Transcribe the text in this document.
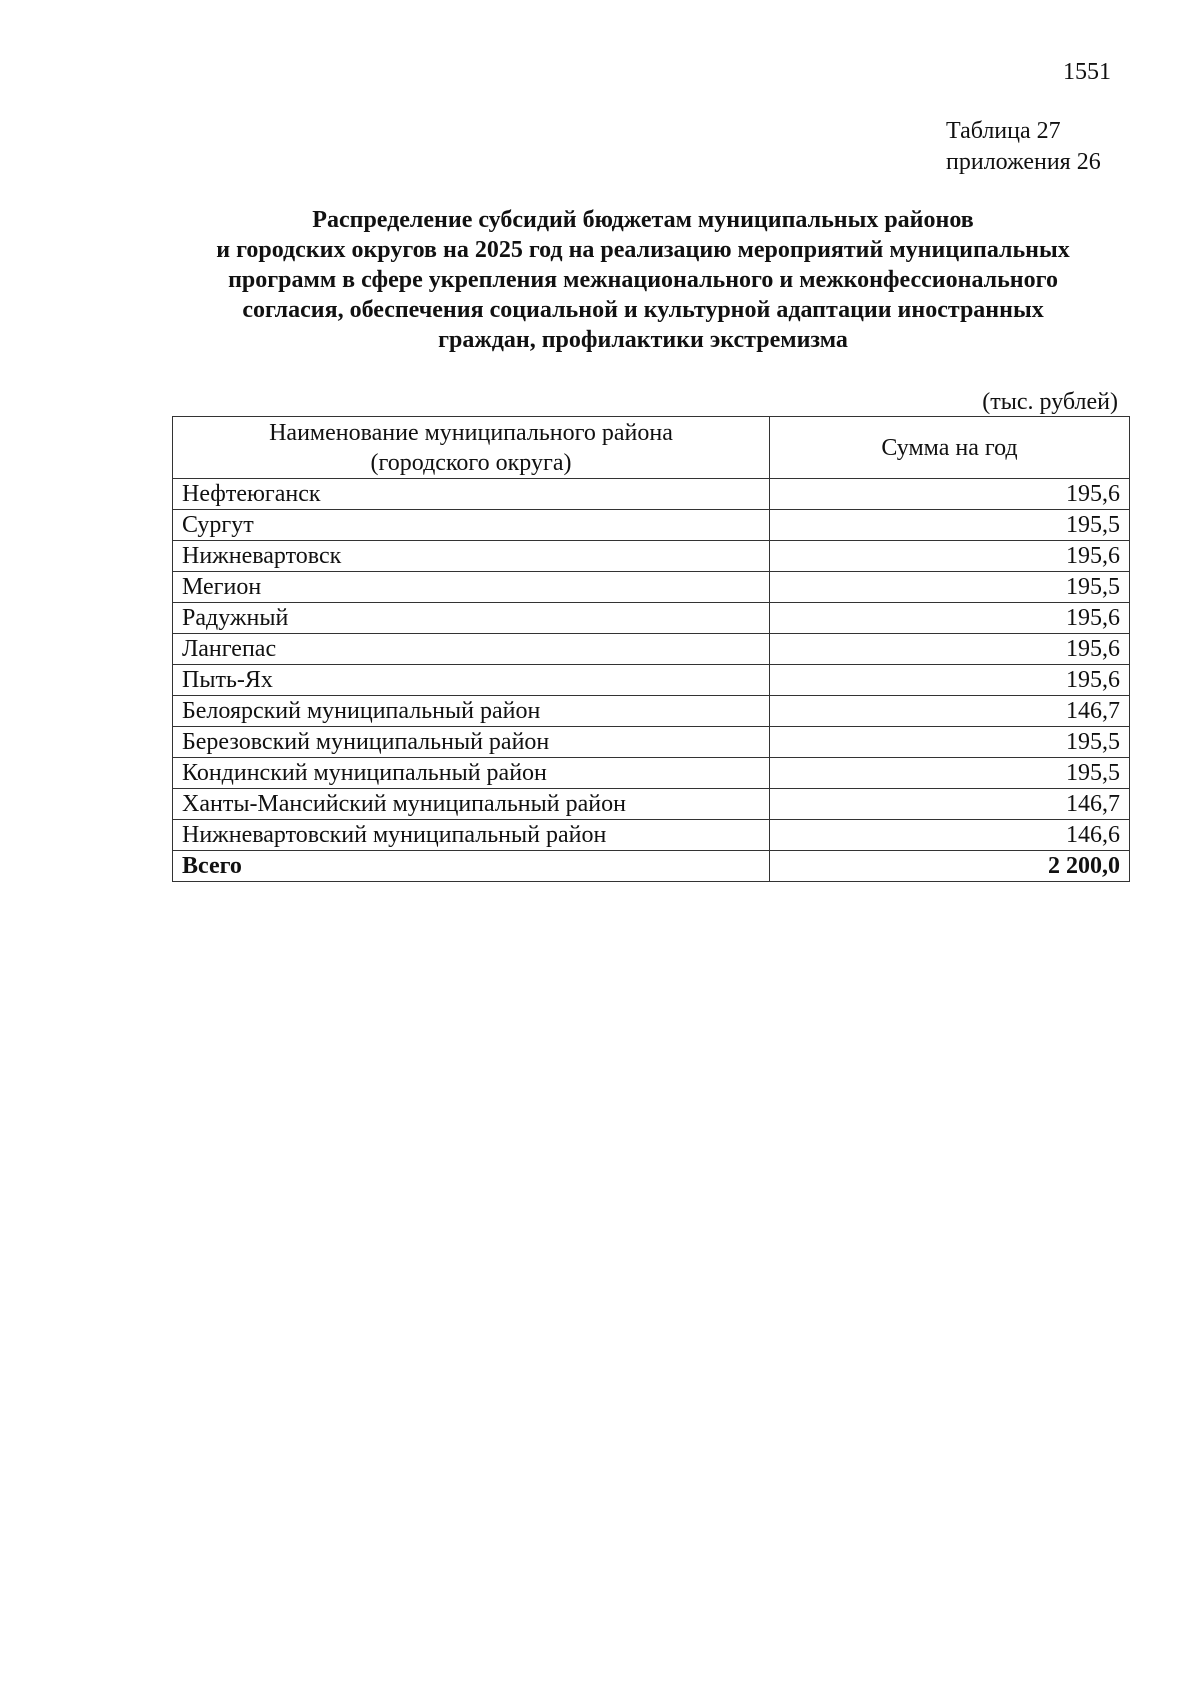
1551
Таблица 27
приложения 26
Распределение субсидий бюджетам муниципальных районов
и городских округов на 2025 год на реализацию мероприятий муниципальных
программ в сфере укрепления межнационального и межконфессионального
согласия, обеспечения социальной и культурной адаптации иностранных
граждан, профилактики экстремизма
(тыс. рублей)
Наименование муниципального района
(городского округа)	Сумма на год
Нефтеюганск	195,6
Сургут	195,5
Нижневартовск	195,6
Мегион	195,5
Радужный	195,6
Лангепас	195,6
Пыть-Ях	195,6
Белоярский муниципальный район	146,7
Березовский муниципальный район	195,5
Кондинский муниципальный район	195,5
Ханты-Мансийский муниципальный район	146,7
Нижневартовский муниципальный район	146,6
Всего	2 200,0
